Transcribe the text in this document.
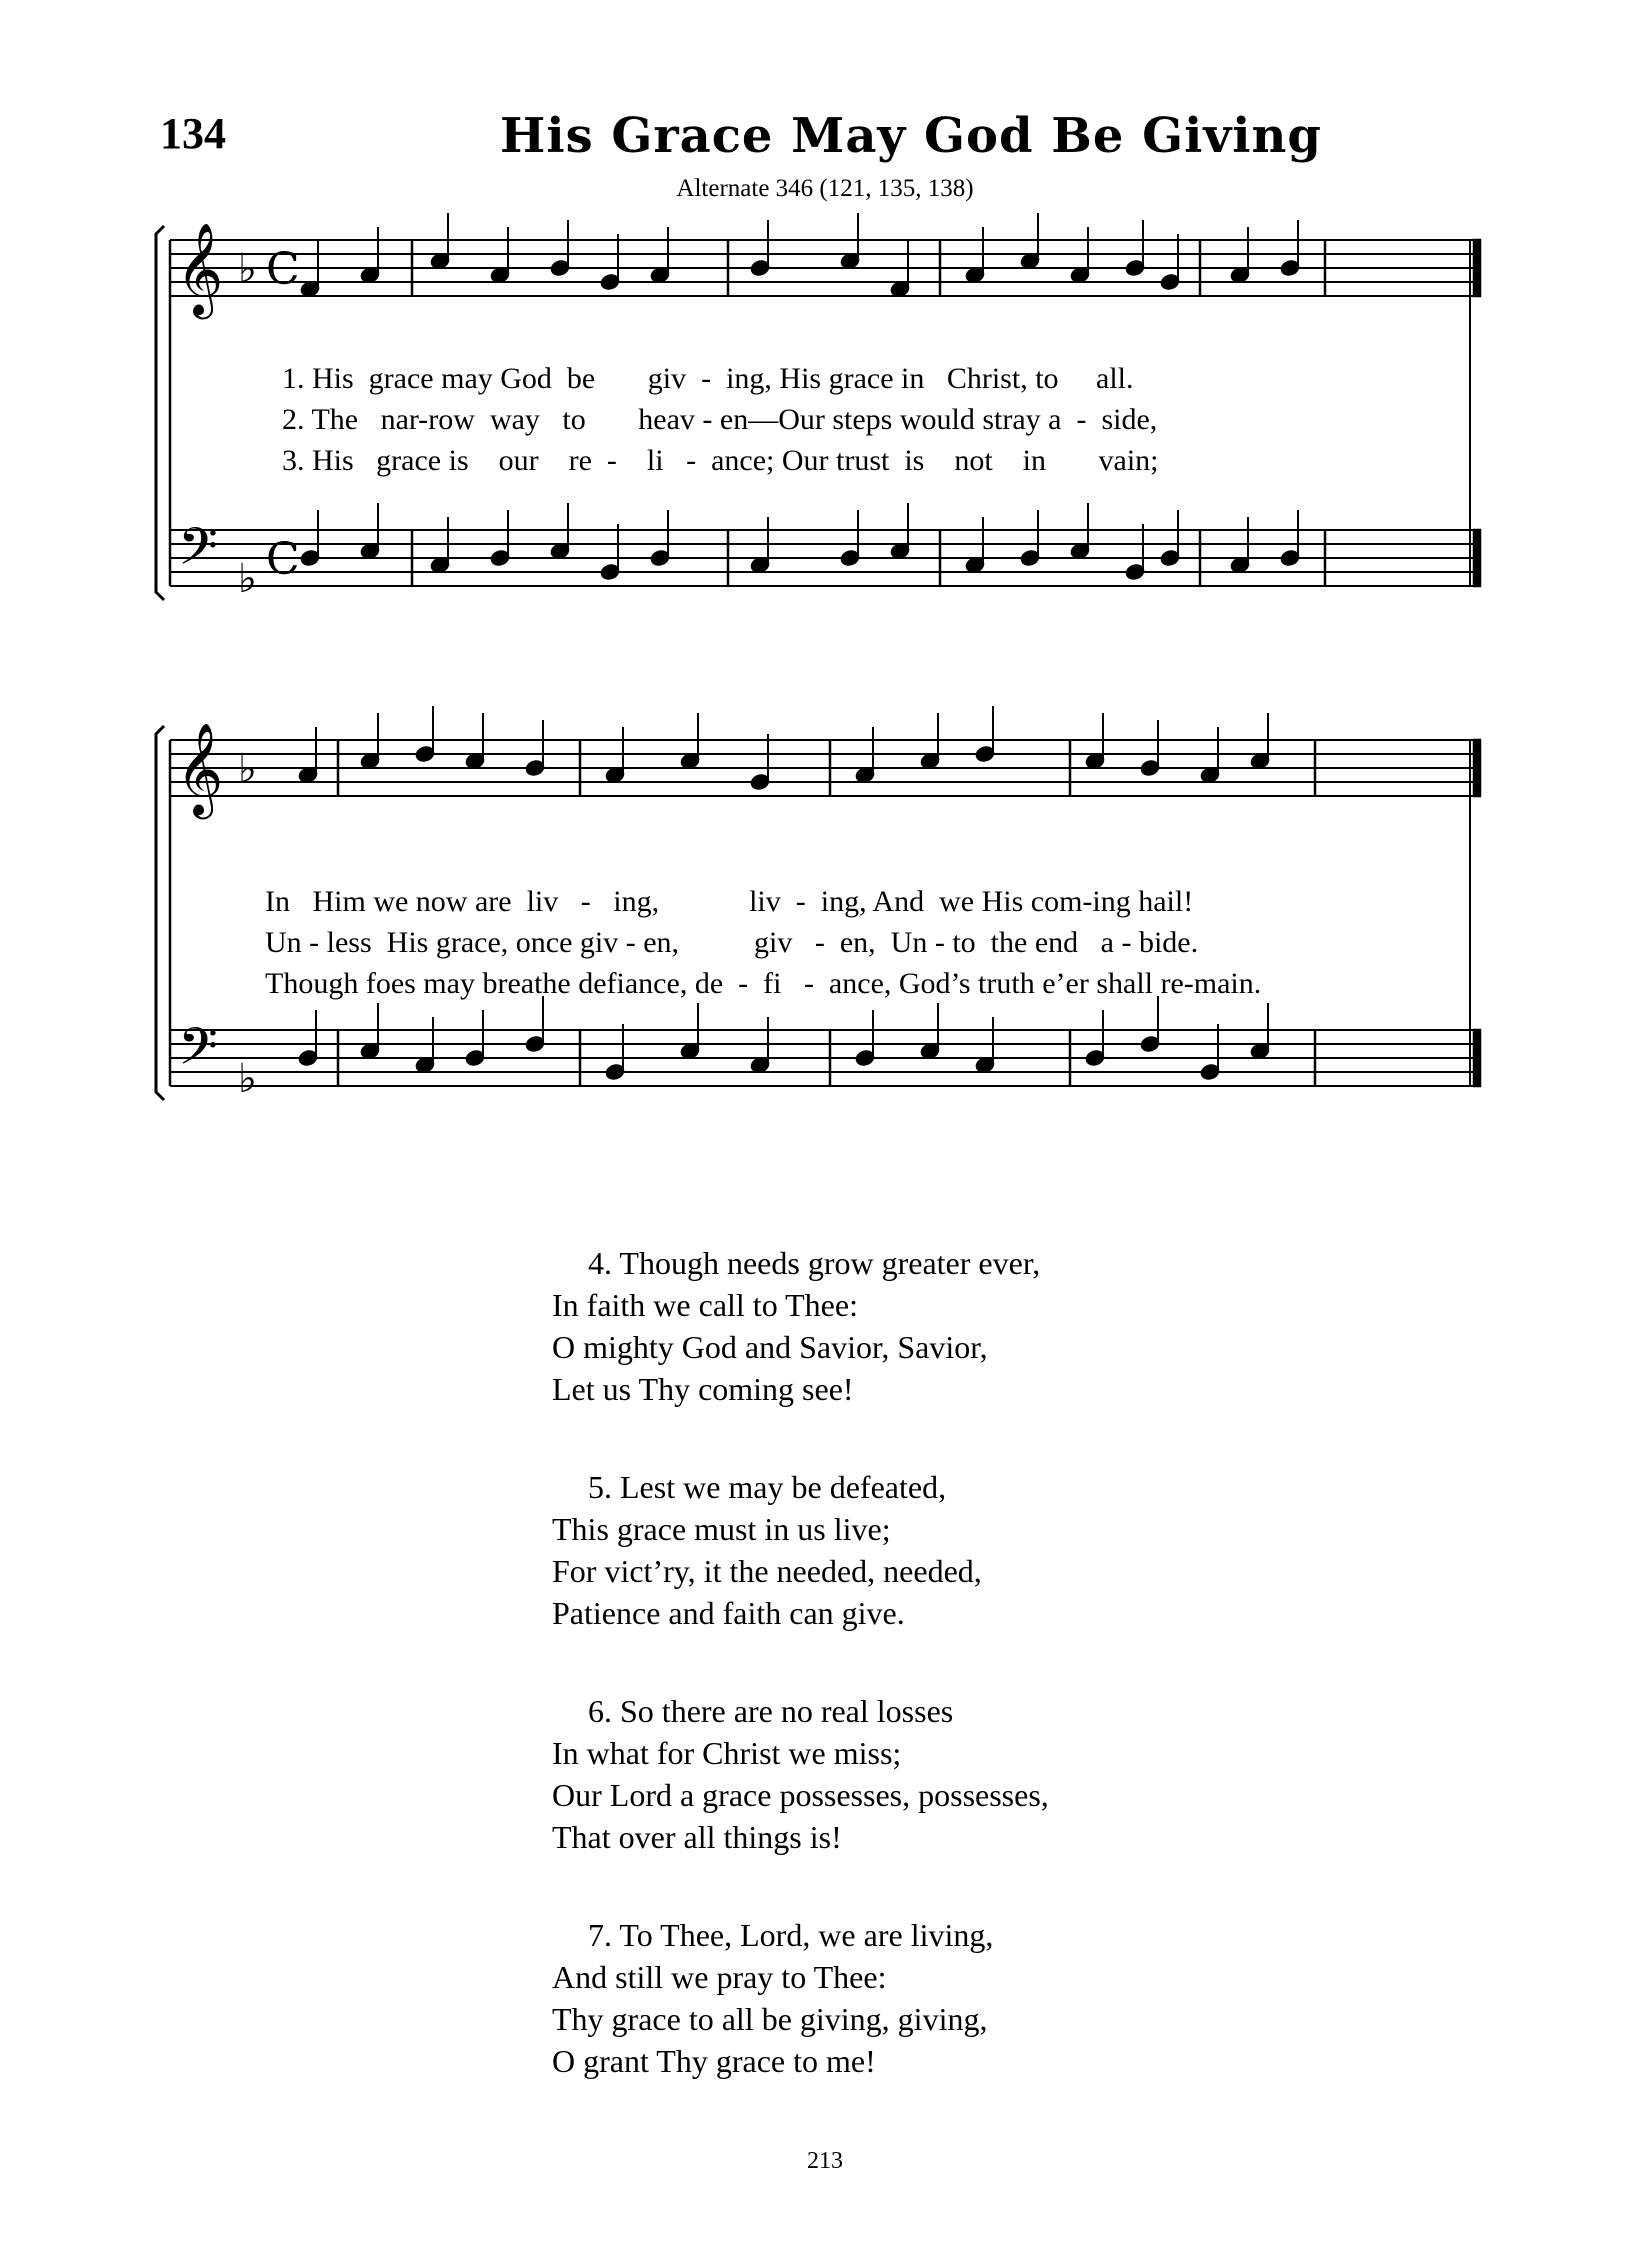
134	His Grace May God Be Giving
Alternate 346 (121, 135, 138)
𝄞 ♭
𝄞 ♭
𝄢 ♭
𝄢 ♭
C
C
1. His  grace may God  be       giv  -  ing, His grace in   Christ, to     all.
2. The   nar-row  way   to       heav - en—Our steps would stray a  -  side,
3. His   grace is    our    re  -    li   -  ance; Our trust  is    not    in       vain;
In   Him we now are  liv   -   ing,            liv  -  ing, And  we His com-ing hail!
Un - less  His grace, once giv - en,          giv   -  en,  Un - to  the end   a - bide.
Though foes may breathe defiance, de  -  fi   -  ance, God’s truth e’er shall re-main.
4. Though needs grow greater ever,
In faith we call to Thee:
O mighty God and Savior, Savior,
Let us Thy coming see!
5. Lest we may be defeated,
This grace must in us live;
For vict’ry, it the needed, needed,
Patience and faith can give.
6. So there are no real losses
In what for Christ we miss;
Our Lord a grace possesses, possesses,
That over all things is!
7. To Thee, Lord, we are living,
And still we pray to Thee:
Thy grace to all be giving, giving,
O grant Thy grace to me!
213
